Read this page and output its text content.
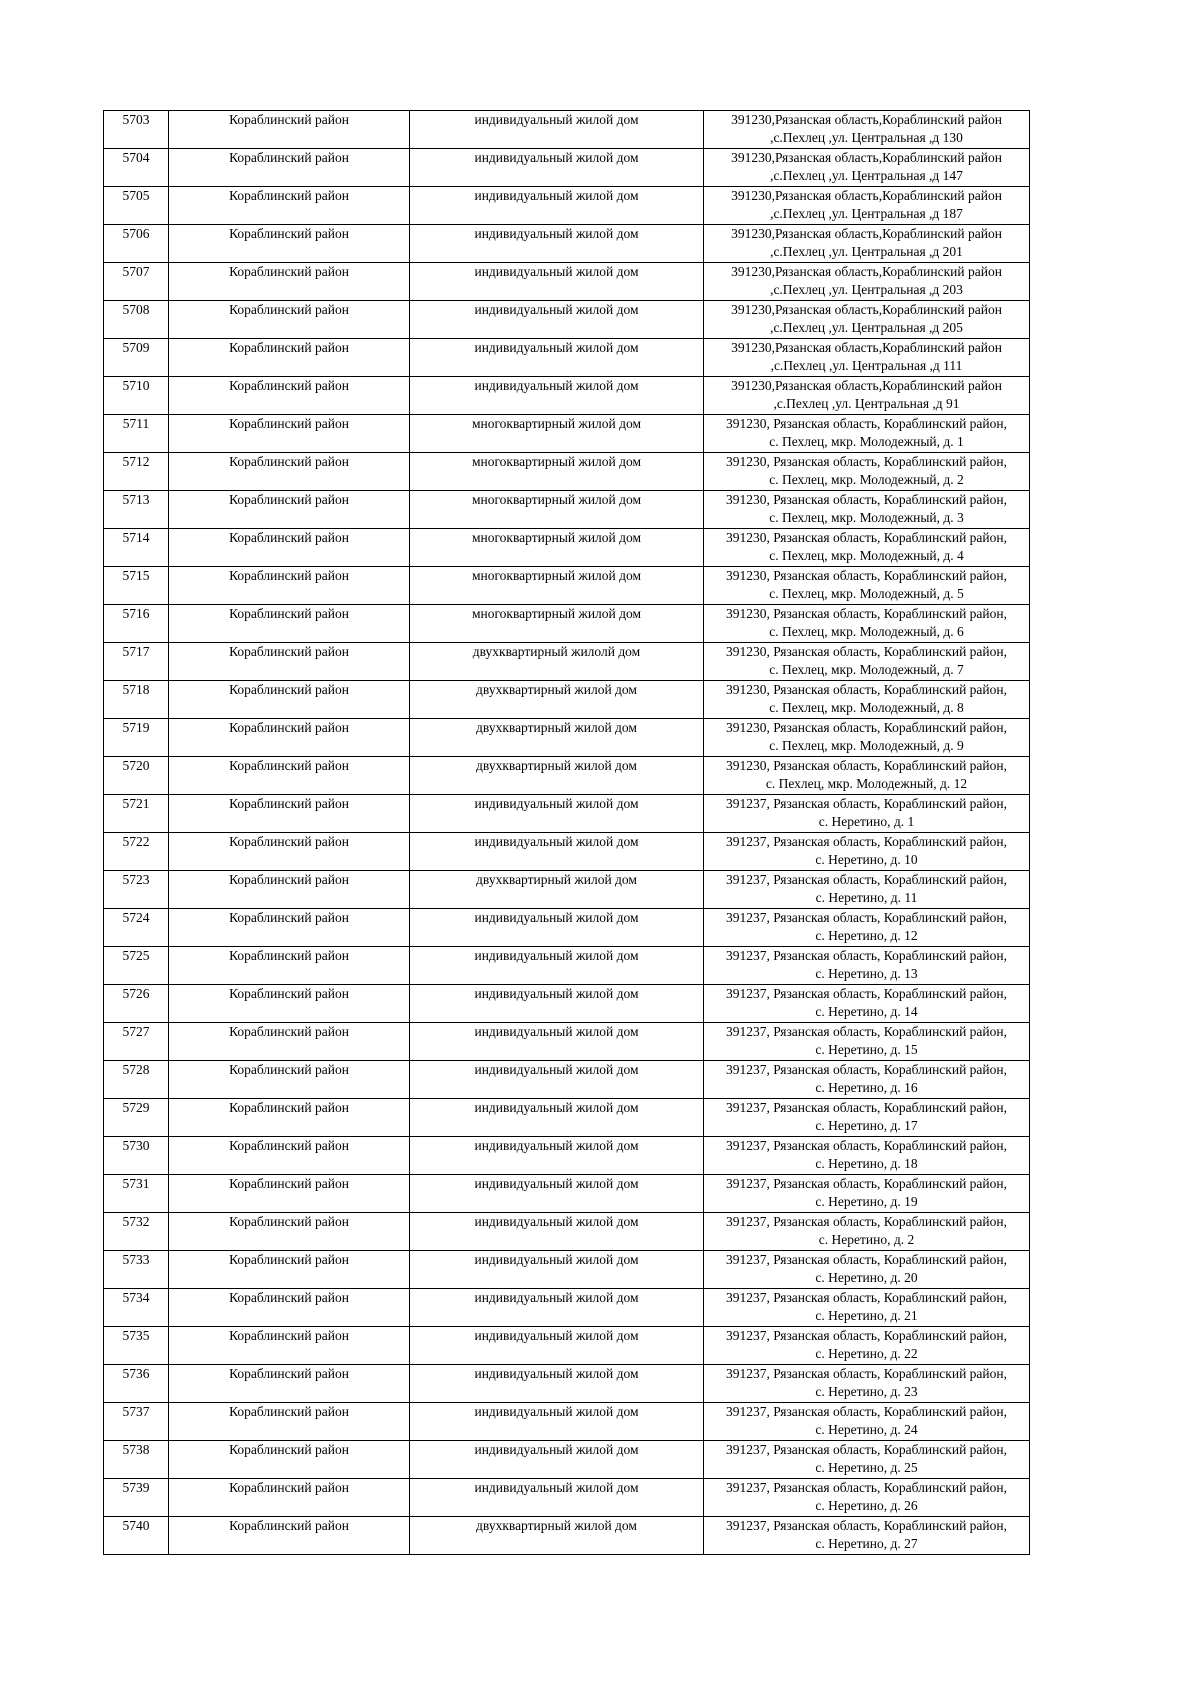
5703	Кораблинский район	индивидуальный жилой дом	391230,Рязанская область,Кораблинский район
,с.Пехлец ,ул. Центральная ,д 130

5704	Кораблинский район	индивидуальный жилой дом	391230,Рязанская область,Кораблинский район
,с.Пехлец ,ул. Центральная ,д 147

5705	Кораблинский район	индивидуальный жилой дом	391230,Рязанская область,Кораблинский район
,с.Пехлец ,ул. Центральная ,д 187

5706	Кораблинский район	индивидуальный жилой дом	391230,Рязанская область,Кораблинский район
,с.Пехлец ,ул. Центральная ,д 201

5707	Кораблинский район	индивидуальный жилой дом	391230,Рязанская область,Кораблинский район
,с.Пехлец ,ул. Центральная ,д 203

5708	Кораблинский район	индивидуальный жилой дом	391230,Рязанская область,Кораблинский район
,с.Пехлец ,ул. Центральная ,д 205

5709	Кораблинский район	индивидуальный жилой дом	391230,Рязанская область,Кораблинский район
,с.Пехлец ,ул. Центральная ,д 111

5710	Кораблинский район	индивидуальный жилой дом	391230,Рязанская область,Кораблинский район
,с.Пехлец ,ул. Центральная ,д 91

5711	Кораблинский район	многоквартирный жилой дом	391230, Рязанская область, Кораблинский район,
с. Пехлец, мкр. Молодежный, д. 1

5712	Кораблинский район	многоквартирный жилой дом	391230, Рязанская область, Кораблинский район,
с. Пехлец, мкр. Молодежный, д. 2

5713	Кораблинский район	многоквартирный жилой дом	391230, Рязанская область, Кораблинский район,
с. Пехлец, мкр. Молодежный, д. 3

5714	Кораблинский район	многоквартирный жилой дом	391230, Рязанская область, Кораблинский район,
с. Пехлец, мкр. Молодежный, д. 4

5715	Кораблинский район	многоквартирный жилой дом	391230, Рязанская область, Кораблинский район,
с. Пехлец, мкр. Молодежный, д. 5

5716	Кораблинский район	многоквартирный жилой дом	391230, Рязанская область, Кораблинский район,
с. Пехлец, мкр. Молодежный, д. 6

5717	Кораблинский район	двухквартирный жилолй дом	391230, Рязанская область, Кораблинский район,
с. Пехлец, мкр. Молодежный, д. 7

5718	Кораблинский район	двухквартирный жилой дом	391230, Рязанская область, Кораблинский район,
с. Пехлец, мкр. Молодежный, д. 8

5719	Кораблинский район	двухквартирный жилой дом	391230, Рязанская область, Кораблинский район,
с. Пехлец, мкр. Молодежный, д. 9

5720	Кораблинский район	двухквартирный жилой дом	391230, Рязанская область, Кораблинский район,
с. Пехлец, мкр. Молодежный, д. 12

5721	Кораблинский район	индивидуальный жилой дом	391237, Рязанская область, Кораблинский район,
с. Неретино, д. 1

5722	Кораблинский район	индивидуальный жилой дом	391237, Рязанская область, Кораблинский район,
с. Неретино, д. 10

5723	Кораблинский район	двухквартирный жилой дом	391237, Рязанская область, Кораблинский район,
с. Неретино, д. 11

5724	Кораблинский район	индивидуальный жилой дом	391237, Рязанская область, Кораблинский район,
с. Неретино, д. 12

5725	Кораблинский район	индивидуальный жилой дом	391237, Рязанская область, Кораблинский район,
с. Неретино, д. 13

5726	Кораблинский район	индивидуальный жилой дом	391237, Рязанская область, Кораблинский район,
с. Неретино, д. 14

5727	Кораблинский район	индивидуальный жилой дом	391237, Рязанская область, Кораблинский район,
с. Неретино, д. 15

5728	Кораблинский район	индивидуальный жилой дом	391237, Рязанская область, Кораблинский район,
с. Неретино, д. 16

5729	Кораблинский район	индивидуальный жилой дом	391237, Рязанская область, Кораблинский район,
с. Неретино, д. 17

5730	Кораблинский район	индивидуальный жилой дом	391237, Рязанская область, Кораблинский район,
с. Неретино, д. 18

5731	Кораблинский район	индивидуальный жилой дом	391237, Рязанская область, Кораблинский район,
с. Неретино, д. 19

5732	Кораблинский район	индивидуальный жилой дом	391237, Рязанская область, Кораблинский район,
с. Неретино, д. 2

5733	Кораблинский район	индивидуальный жилой дом	391237, Рязанская область, Кораблинский район,
с. Неретино, д. 20

5734	Кораблинский район	индивидуальный жилой дом	391237, Рязанская область, Кораблинский район,
с. Неретино, д. 21

5735	Кораблинский район	индивидуальный жилой дом	391237, Рязанская область, Кораблинский район,
с. Неретино, д. 22

5736	Кораблинский район	индивидуальный жилой дом	391237, Рязанская область, Кораблинский район,
с. Неретино, д. 23

5737	Кораблинский район	индивидуальный жилой дом	391237, Рязанская область, Кораблинский район,
с. Неретино, д. 24

5738	Кораблинский район	индивидуальный жилой дом	391237, Рязанская область, Кораблинский район,
с. Неретино, д. 25

5739	Кораблинский район	индивидуальный жилой дом	391237, Рязанская область, Кораблинский район,
с. Неретино, д. 26

5740	Кораблинский район	двухквартирный жилой дом	391237, Рязанская область, Кораблинский район,
с. Неретино, д. 27
